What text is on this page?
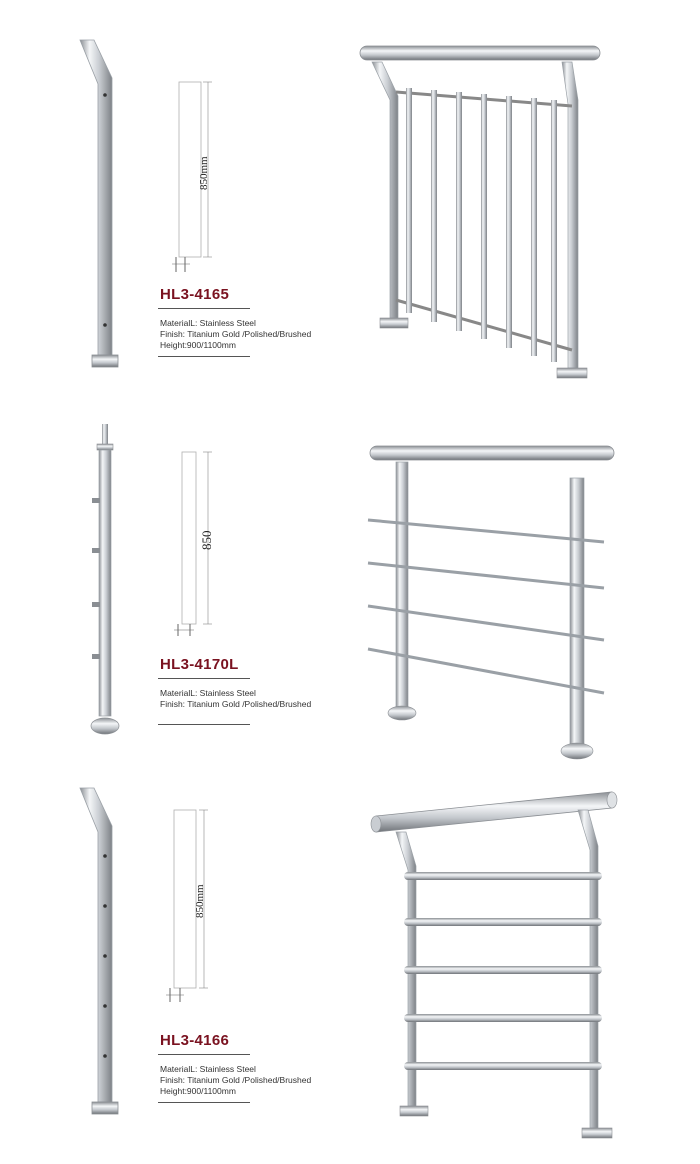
850mm
HL3-4165
MaterialL: Stainless Steel
Finish: Titanium Gold /Polished/Brushed
Height:900/1100mm
850
HL3-4170L
MaterialL: Stainless Steel
Finish: Titanium Gold /Polished/Brushed
850mm
HL3-4166
MaterialL: Stainless Steel
Finish: Titanium Gold /Polished/Brushed
Height:900/1100mm
